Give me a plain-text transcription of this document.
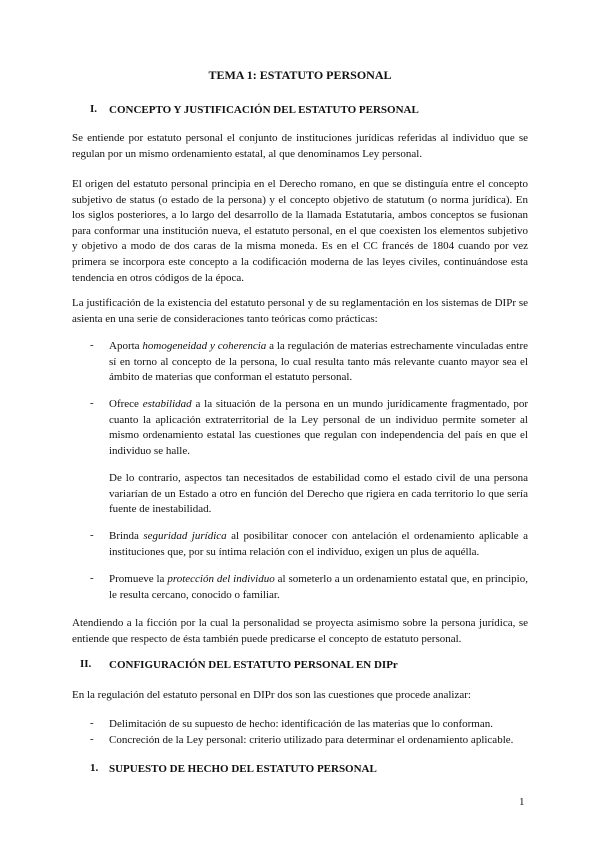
TEMA 1: ESTATUTO PERSONAL

I. CONCEPTO Y JUSTIFICACIÓN DEL ESTATUTO PERSONAL

Se entiende por estatuto personal el conjunto de instituciones jurídicas referidas al individuo que se regulan por un mismo ordenamiento estatal, al que denominamos Ley personal.

El origen del estatuto personal principia en el Derecho romano, en que se distinguía entre el concepto subjetivo de status (o estado de la persona) y el concepto objetivo de statutum (o norma jurídica). En los siglos posteriores, a lo largo del desarrollo de la llamada Estatutaria, ambos conceptos se fusionan para conformar una institución nueva, el estatuto personal, en el que coexisten los elementos subjetivo y objetivo a modo de dos caras de la misma moneda. Es en el CC francés de 1804 cuando por vez primera se incorpora este concepto a la codificación moderna de las leyes civiles, continuándose esta tendencia en otros códigos de la época.

La justificación de la existencia del estatuto personal y de su reglamentación en los sistemas de DIPr se asienta en una serie de consideraciones tanto teóricas como prácticas:

- Aporta homogeneidad y coherencia a la regulación de materias estrechamente vinculadas entre sí en torno al concepto de la persona, lo cual resulta tanto más relevante cuanto mayor sea el ámbito de materias que conforman el estatuto personal.

- Ofrece estabilidad a la situación de la persona en un mundo jurídicamente fragmentado, por cuanto la aplicación extraterritorial de la Ley personal de un individuo permite someter al mismo ordenamiento estatal las cuestiones que regulan con independencia del país en que el individuo se halle.

De lo contrario, aspectos tan necesitados de estabilidad como el estado civil de una persona variarían de un Estado a otro en función del Derecho que rigiera en cada territorio lo que sería fuente de inestabilidad.

- Brinda seguridad jurídica al posibilitar conocer con antelación el ordenamiento aplicable a instituciones que, por su íntima relación con el individuo, exigen un plus de aquélla.

- Promueve la protección del individuo al someterlo a un ordenamiento estatal que, en principio, le resulta cercano, conocido o familiar.

Atendiendo a la ficción por la cual la personalidad se proyecta asimismo sobre la persona jurídica, se entiende que respecto de ésta también puede predicarse el concepto de estatuto personal.

II. CONFIGURACIÓN DEL ESTATUTO PERSONAL EN DIPr

En la regulación del estatuto personal en DIPr dos son las cuestiones que procede analizar:

- Delimitación de su supuesto de hecho: identificación de las materias que lo conforman.

- Concreción de la Ley personal: criterio utilizado para determinar el ordenamiento aplicable.

1. SUPUESTO DE HECHO DEL ESTATUTO PERSONAL

1
